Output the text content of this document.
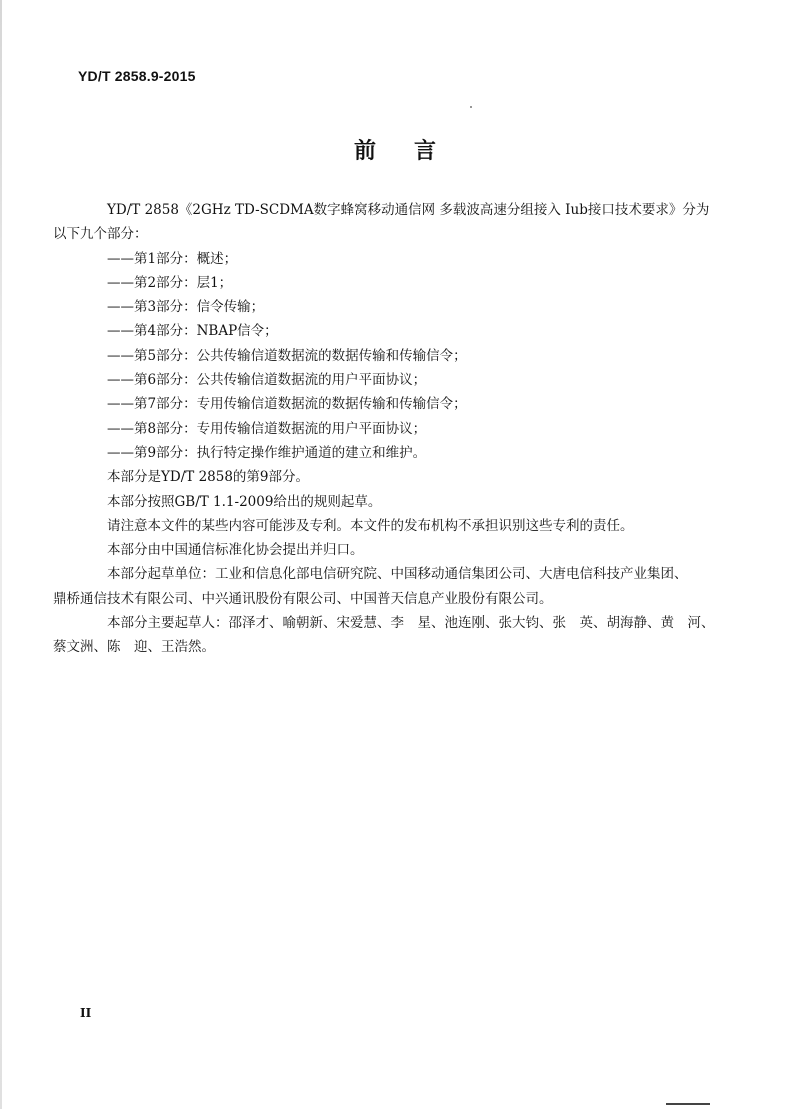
YD/T 2858.9-2015
前 言

YD/T 2858《2GHz TD-SCDMA数字蜂窝移动通信网 多载波高速分组接入 Iub接口技术要求》分为
以下九个部分：

——第1部分：概述；

——第2部分：层1；

——第3部分：信令传输；

——第4部分：NBAP信令；

——第5部分：公共传输信道数据流的数据传输和传输信令；

——第6部分：公共传输信道数据流的用户平面协议；

——第7部分：专用传输信道数据流的数据传输和传输信令；

——第8部分：专用传输信道数据流的用户平面协议；

——第9部分：执行特定操作维护通道的建立和维护。

本部分是YD/T 2858的第9部分。

本部分按照GB/T 1.1-2009给出的规则起草。

请注意本文件的某些内容可能涉及专利。本文件的发布机构不承担识别这些专利的责任。

本部分由中国通信标准化协会提出并归口。

本部分起草单位：工业和信息化部电信研究院、中国移动通信集团公司、大唐电信科技产业集团、
鼎桥通信技术有限公司、中兴通讯股份有限公司、中国普天信息产业股份有限公司。

本部分主要起草人：邵泽才、喻朝新、宋爱慧、李　星、池连刚、张大钧、张　英、胡海静、黄　河、
蔡文洲、陈　迎、王浩然。

II
